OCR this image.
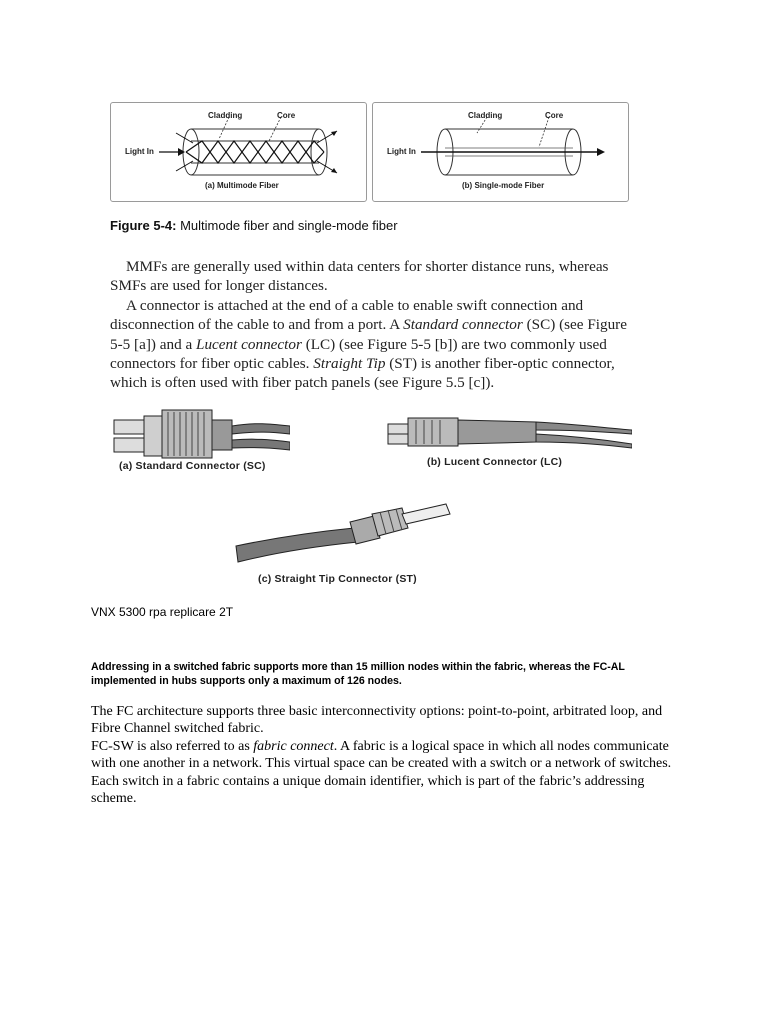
Cladding	Core
Light In
(a) Multimode Fiber
Cladding	Core
Light In
(b) Single-mode Fiber
Figure 5-4: Multimode fiber and single-mode fiber

MMFs are generally used within data centers for shorter distance runs, whereas SMFs are used for longer distances.

A connector is attached at the end of a cable to enable swift connection and disconnection of the cable to and from a port. A Standard connector (SC) (see Figure 5-5 [a]) and a Lucent connector (LC) (see Figure 5-5 [b]) are two commonly used connectors for fiber optic cables. Straight Tip (ST) is another fiber-optic connector, which is often used with fiber patch panels (see Figure 5.5 [c]).

(a) Standard Connector (SC)	(b) Lucent Connector (LC)
(c) Straight Tip Connector (ST)
VNX 5300 rpa replicare 2T
Addressing in a switched fabric supports more than 15 million nodes within the fabric, whereas the FC-AL implemented in hubs supports only a maximum of 126 nodes.

The FC architecture supports three basic interconnectivity options: point-to-point, arbitrated loop, and Fibre Channel switched fabric.

FC-SW is also referred to as fabric connect. A fabric is a logical space in which all nodes communicate with one another in a network. This virtual space can be created with a switch or a network of switches. Each switch in a fabric contains a unique domain identifier, which is part of the fabric’s addressing scheme.
